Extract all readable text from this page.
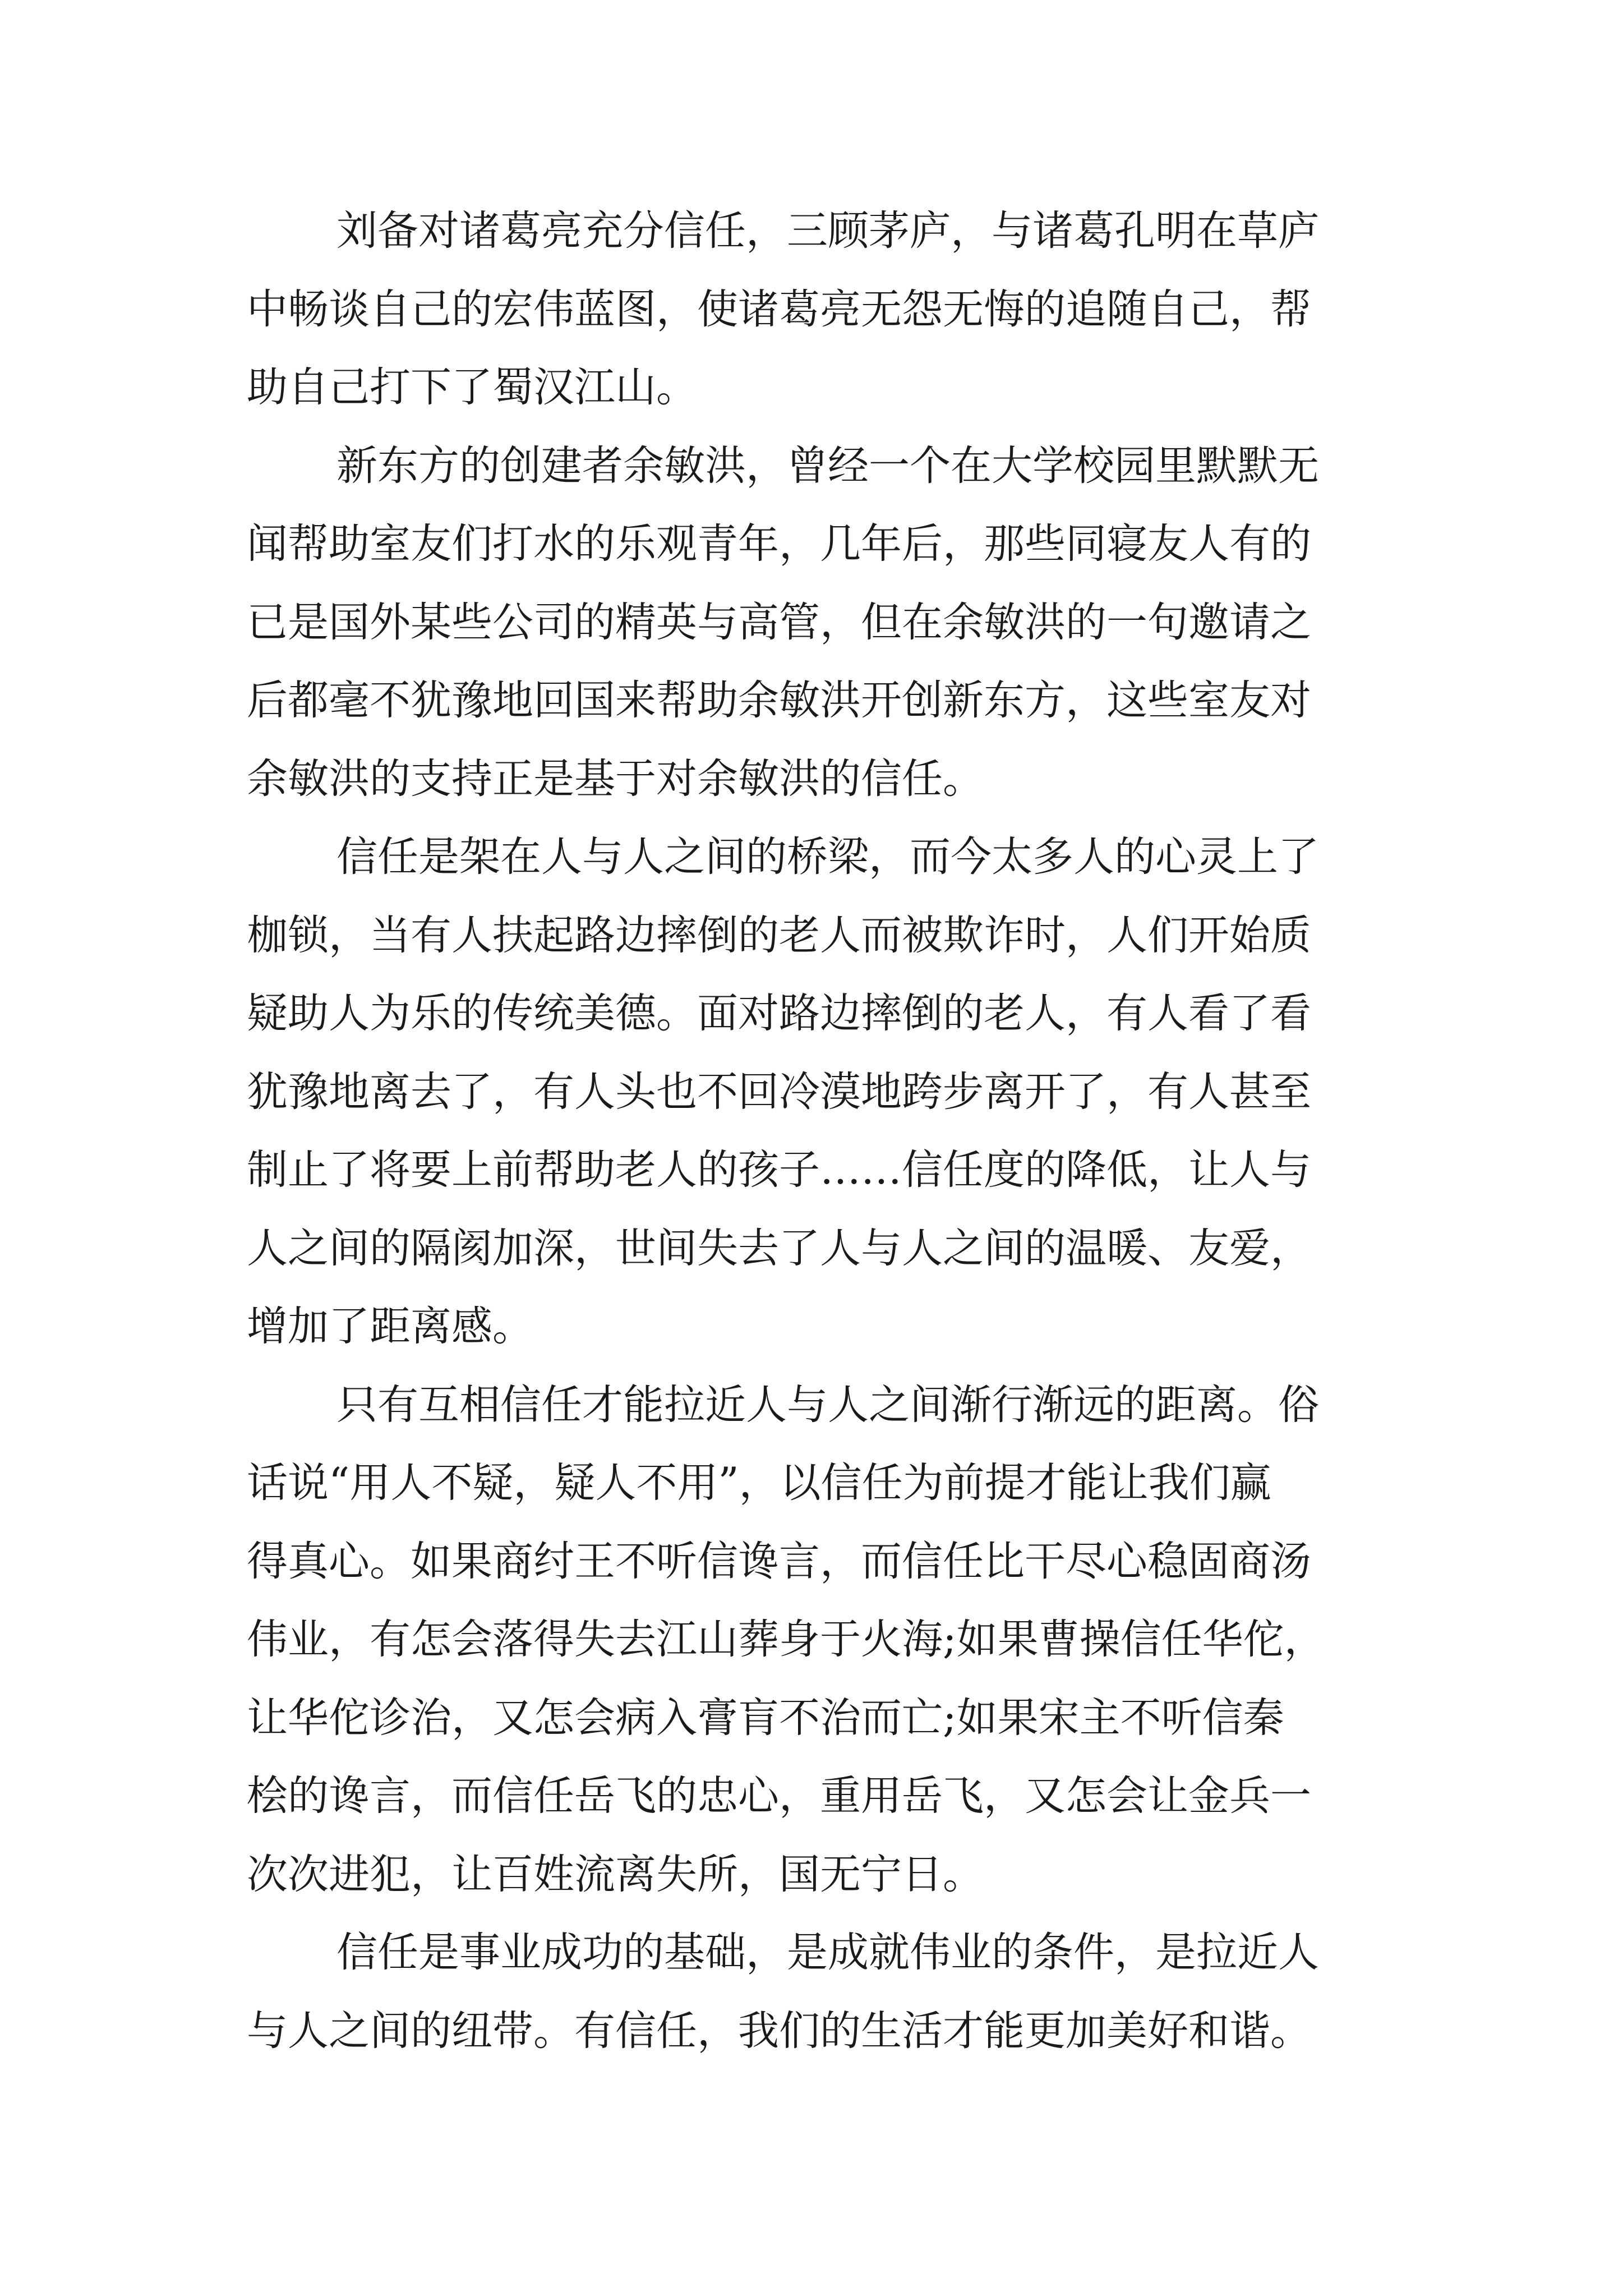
刘备对诸葛亮充分信任，三顾茅庐，与诸葛孔明在草庐
中畅谈自己的宏伟蓝图，使诸葛亮无怨无悔的追随自己，帮
助自己打下了蜀汉江山。
新东方的创建者余敏洪，曾经一个在大学校园里默默无
闻帮助室友们打水的乐观青年，几年后，那些同寝友人有的
已是国外某些公司的精英与高管，但在余敏洪的一句邀请之
后都毫不犹豫地回国来帮助余敏洪开创新东方，这些室友对
余敏洪的支持正是基于对余敏洪的信任。
信任是架在人与人之间的桥梁，而今太多人的心灵上了
枷锁，当有人扶起路边摔倒的老人而被欺诈时，人们开始质
疑助人为乐的传统美德。面对路边摔倒的老人，有人看了看
犹豫地离去了，有人头也不回冷漠地跨步离开了，有人甚至
制止了将要上前帮助老人的孩子……信任度的降低，让人与
人之间的隔阂加深，世间失去了人与人之间的温暖、友爱，
增加了距离感。
只有互相信任才能拉近人与人之间渐行渐远的距离。俗
话说“用人不疑，疑人不用”，以信任为前提才能让我们赢
得真心。如果商纣王不听信谗言，而信任比干尽心稳固商汤
伟业，有怎会落得失去江山葬身于火海;如果曹操信任华佗，
让华佗诊治，又怎会病入膏肓不治而亡;如果宋主不听信秦
桧的谗言，而信任岳飞的忠心，重用岳飞，又怎会让金兵一
次次进犯，让百姓流离失所，国无宁日。
信任是事业成功的基础，是成就伟业的条件，是拉近人
与人之间的纽带。有信任，我们的生活才能更加美好和谐。
